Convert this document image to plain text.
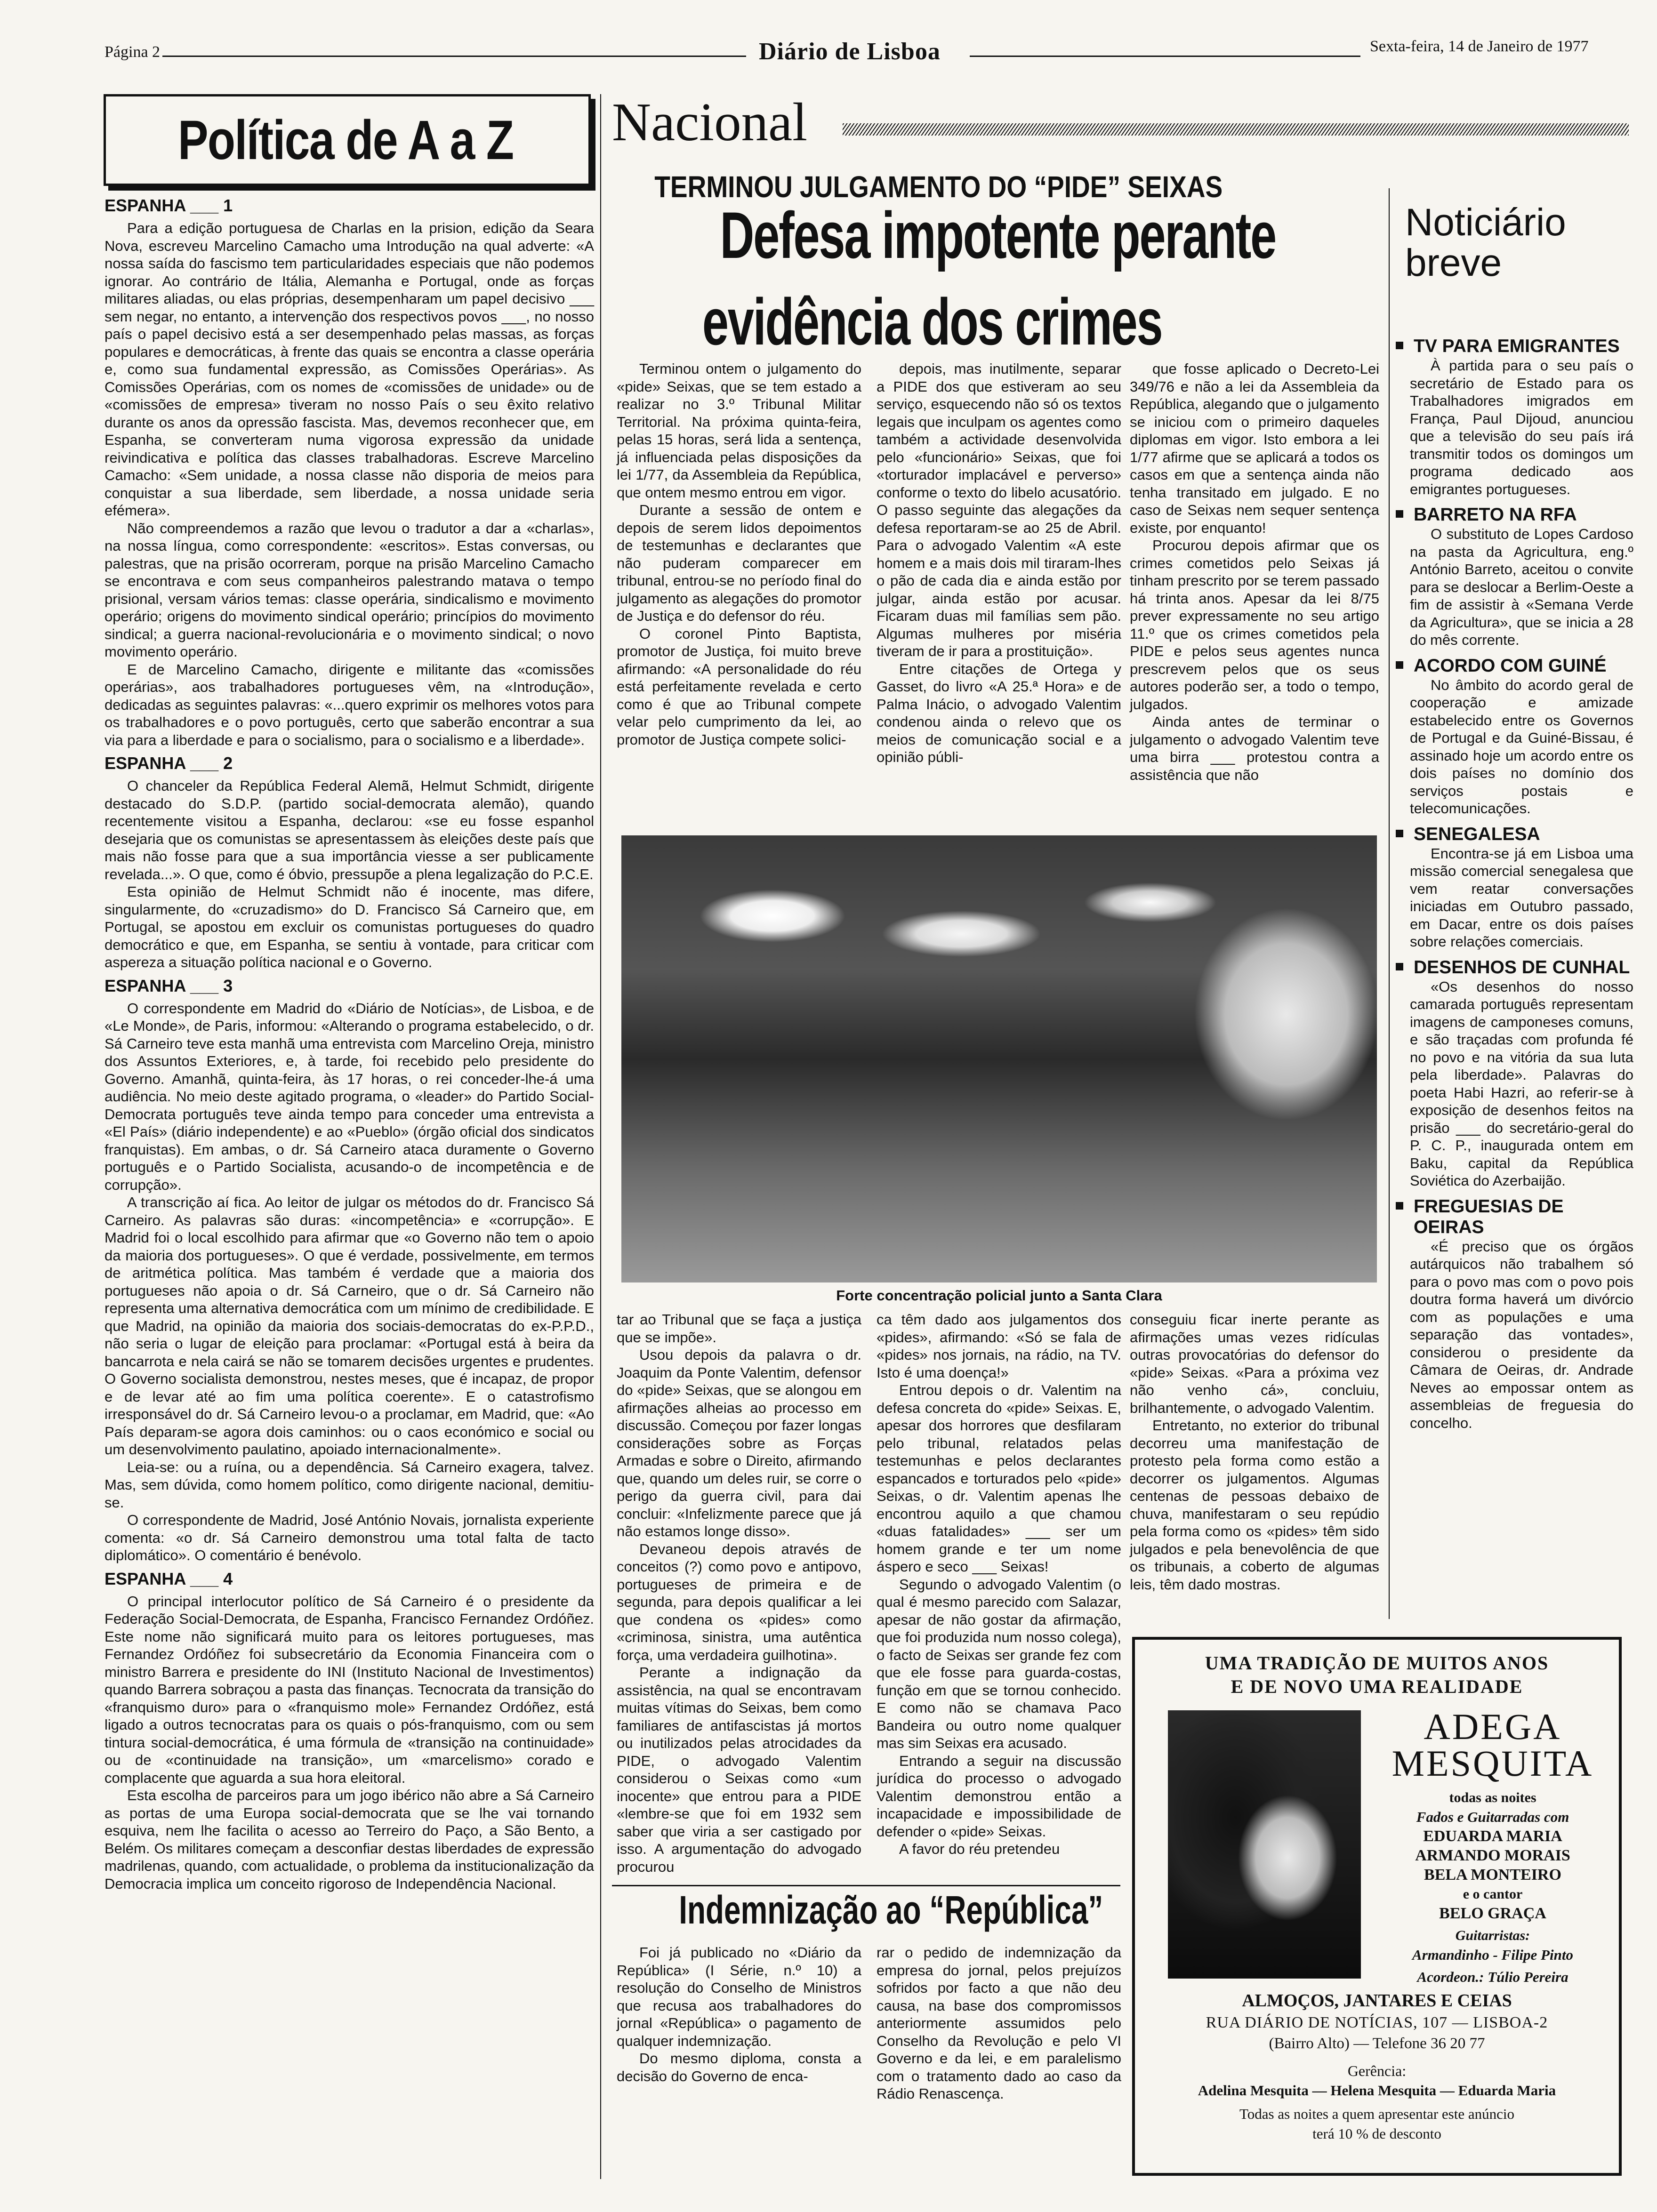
Página 2	Diário de Lisboa	Sexta-feira, 14 de Janeiro de 1977
Política de A a Z
ESPANHA ___ 1

Para a edição portuguesa de Charlas en la prision, edição da Seara Nova, escreveu Marcelino Camacho uma Introdução na qual adverte: «A nossa saída do fascismo tem particularidades especiais que não podemos ignorar. Ao contrário de Itália, Alemanha e Portugal, onde as forças militares aliadas, ou elas próprias, desempenharam um papel decisivo ___ sem negar, no entanto, a intervenção dos respectivos povos ___, no nosso país o papel decisivo está a ser desempenhado pelas massas, as forças populares e democráticas, à frente das quais se encontra a classe operária e, como sua fundamental expressão, as Comissões Operárias». As Comissões Operárias, com os nomes de «comissões de unidade» ou de «comissões de empresa» tiveram no nosso País o seu êxito relativo durante os anos da opressão fascista. Mas, devemos reconhecer que, em Espanha, se converteram numa vigorosa expressão da unidade reivindicativa e política das classes trabalhadoras. Escreve Marcelino Camacho: «Sem unidade, a nossa classe não disporia de meios para conquistar a sua liberdade, sem liberdade, a nossa unidade seria efémera».

Não compreendemos a razão que levou o tradutor a dar a «charlas», na nossa língua, como correspondente: «escritos». Estas conversas, ou palestras, que na prisão ocorreram, porque na prisão Marcelino Camacho se encontrava e com seus companheiros palestrando matava o tempo prisional, versam vários temas: classe operária, sindicalismo e movimento operário; origens do movimento sindical operário; princípios do movimento sindical; a guerra nacional-revolucionária e o movimento sindical; o novo movimento operário.

E de Marcelino Camacho, dirigente e militante das «comissões operárias», aos trabalhadores portugueses vêm, na «Introdução», dedicadas as seguintes palavras: «...quero exprimir os melhores votos para os trabalhadores e o povo português, certo que saberão encontrar a sua via para a liberdade e para o socialismo, para o socialismo e a liberdade».

ESPANHA ___ 2

O chanceler da República Federal Alemã, Helmut Schmidt, dirigente destacado do S.D.P. (partido social-democrata alemão), quando recentemente visitou a Espanha, declarou: «se eu fosse espanhol desejaria que os comunistas se apresentassem às eleições deste país que mais não fosse para que a sua importância viesse a ser publicamente revelada...». O que, como é óbvio, pressupõe a plena legalização do P.C.E.

Esta opinião de Helmut Schmidt não é inocente, mas difere, singularmente, do «cruzadismo» do D. Francisco Sá Carneiro que, em Portugal, se apostou em excluir os comunistas portugueses do quadro democrático e que, em Espanha, se sentiu à vontade, para criticar com aspereza a situação política nacional e o Governo.

ESPANHA ___ 3

O correspondente em Madrid do «Diário de Notícias», de Lisboa, e de «Le Monde», de Paris, informou: «Alterando o programa estabelecido, o dr. Sá Carneiro teve esta manhã uma entrevista com Marcelino Oreja, ministro dos Assuntos Exteriores, e, à tarde, foi recebido pelo presidente do Governo. Amanhã, quinta-feira, às 17 horas, o rei conceder-lhe-á uma audiência. No meio deste agitado programa, o «leader» do Partido Social-Democrata português teve ainda tempo para conceder uma entrevista a «El País» (diário independente) e ao «Pueblo» (órgão oficial dos sindicatos franquistas). Em ambas, o dr. Sá Carneiro ataca duramente o Governo português e o Partido Socialista, acusando-o de incompetência e de corrupção».

A transcrição aí fica. Ao leitor de julgar os métodos do dr. Francisco Sá Carneiro. As palavras são duras: «incompetência» e «corrupção». E Madrid foi o local escolhido para afirmar que «o Governo não tem o apoio da maioria dos portugueses». O que é verdade, possivelmente, em termos de aritmética política. Mas também é verdade que a maioria dos portugueses não apoia o dr. Sá Carneiro, que o dr. Sá Carneiro não representa uma alternativa democrática com um mínimo de credibilidade. E que Madrid, na opinião da maioria dos sociais-democratas do ex-P.P.D., não seria o lugar de eleição para proclamar: «Portugal está à beira da bancarrota e nela cairá se não se tomarem decisões urgentes e prudentes. O Governo socialista demonstrou, nestes meses, que é incapaz, de propor e de levar até ao fim uma política coerente». E o catastrofismo irresponsável do dr. Sá Carneiro levou-o a proclamar, em Madrid, que: «Ao País deparam-se agora dois caminhos: ou o caos económico e social ou um desenvolvimento paulatino, apoiado internacionalmente».

Leia-se: ou a ruína, ou a dependência. Sá Carneiro exagera, talvez. Mas, sem dúvida, como homem político, como dirigente nacional, demitiu-se.

O correspondente de Madrid, José António Novais, jornalista experiente comenta: «o dr. Sá Carneiro demonstrou uma total falta de tacto diplomático». O comentário é benévolo.

ESPANHA ___ 4

O principal interlocutor político de Sá Carneiro é o presidente da Federação Social-Democrata, de Espanha, Francisco Fernandez Ordóñez. Este nome não significará muito para os leitores portugueses, mas Fernandez Ordóñez foi subsecretário da Economia Financeira com o ministro Barrera e presidente do INI (Instituto Nacional de Investimentos) quando Barrera sobraçou a pasta das finanças. Tecnocrata da transição do «franquismo duro» para o «franquismo mole» Fernandez Ordóñez, está ligado a outros tecnocratas para os quais o pós-franquismo, com ou sem tintura social-democrática, é uma fórmula de «transição na continuidade» ou de «continuidade na transição», um «marcelismo» corado e complacente que aguarda a sua hora eleitoral.

Esta escolha de parceiros para um jogo ibérico não abre a Sá Carneiro as portas de uma Europa social-democrata que se lhe vai tornando esquiva, nem lhe facilita o acesso ao Terreiro do Paço, a São Bento, a Belém. Os militares começam a desconfiar destas liberdades de expressão madrilenas, quando, com actualidade, o problema da institucionalização da Democracia implica um conceito rigoroso de Independência Nacional.

Nacional
TERMINOU JULGAMENTO DO “PIDE” SEIXAS
Defesa impotente perante
evidência dos crimes

Terminou ontem o julgamento do «pide» Seixas, que se tem estado a realizar no 3.º Tribunal Militar Territorial. Na próxima quinta-feira, pelas 15 horas, será lida a sentença, já influenciada pelas disposições da lei 1/77, da Assembleia da República, que ontem mesmo entrou em vigor.

Durante a sessão de ontem e depois de serem lidos depoimentos de testemunhas e declarantes que não puderam comparecer em tribunal, entrou-se no período final do julgamento as alegações do promotor de Justiça e do defensor do réu.

O coronel Pinto Baptista, promotor de Justiça, foi muito breve afirmando: «A personalidade do réu está perfeitamente revelada e certo como é que ao Tribunal compete velar pelo cumprimento da lei, ao promotor de Justiça compete solici-

depois, mas inutilmente, separar a PIDE dos que estiveram ao seu serviço, esquecendo não só os textos legais que inculpam os agentes como também a actividade desenvolvida pelo «funcionário» Seixas, que foi «torturador implacável e perverso» conforme o texto do libelo acusatório. O passo seguinte das alegações da defesa reportaram-se ao 25 de Abril. Para o advogado Valentim «A este homem e a mais dois mil tiraram-lhes o pão de cada dia e ainda estão por julgar, ainda estão por acusar. Ficaram duas mil famílias sem pão. Algumas mulheres por miséria tiveram de ir para a prostituição».

Entre citações de Ortega y Gasset, do livro «A 25.ª Hora» e de Palma Inácio, o advogado Valentim condenou ainda o relevo que os meios de comunicação social e a opinião públi-

que fosse aplicado o Decreto-Lei 349/76 e não a lei da Assembleia da República, alegando que o julgamento se iniciou com o primeiro daqueles diplomas em vigor. Isto embora a lei 1/77 afirme que se aplicará a todos os casos em que a sentença ainda não tenha transitado em julgado. E no caso de Seixas nem sequer sentença existe, por enquanto!

Procurou depois afirmar que os crimes cometidos pelo Seixas já tinham prescrito por se terem passado há trinta anos. Apesar da lei 8/75 prever expressamente no seu artigo 11.º que os crimes cometidos pela PIDE e pelos seus agentes nunca prescrevem pelos que os seus autores poderão ser, a todo o tempo, julgados.

Ainda antes de terminar o julgamento o advogado Valentim teve uma birra ___ protestou contra a assistência que não

Forte concentração policial junto a Santa Clara

tar ao Tribunal que se faça a justiça que se impõe».

Usou depois da palavra o dr. Joaquim da Ponte Valentim, defensor do «pide» Seixas, que se alongou em afirmações alheias ao processo em discussão. Começou por fazer longas considerações sobre as Forças Armadas e sobre o Direito, afirmando que, quando um deles ruir, se corre o perigo da guerra civil, para dai concluir: «Infelizmente parece que já não estamos longe disso».

Devaneou depois através de conceitos (?) como povo e antipovo, portugueses de primeira e de segunda, para depois qualificar a lei que condena os «pides» como «criminosa, sinistra, uma autêntica força, uma verdadeira guilhotina».

Perante a indignação da assistência, na qual se encontravam muitas vítimas do Seixas, bem como familiares de antifascistas já mortos ou inutilizados pelas atrocidades da PIDE, o advogado Valentim considerou o Seixas como «um inocente» que entrou para a PIDE «lembre-se que foi em 1932 sem saber que viria a ser castigado por isso. A argumentação do advogado procurou

ca têm dado aos julgamentos dos «pides», afirmando: «Só se fala de «pides» nos jornais, na rádio, na TV. Isto é uma doença!»

Entrou depois o dr. Valentim na defesa concreta do «pide» Seixas. E, apesar dos horrores que desfilaram pelo tribunal, relatados pelas testemunhas e pelos declarantes espancados e torturados pelo «pide» Seixas, o dr. Valentim apenas lhe encontrou aquilo a que chamou «duas fatalidades» ___ ser um homem grande e ter um nome áspero e seco ___ Seixas!

Segundo o advogado Valentim (o qual é mesmo parecido com Salazar, apesar de não gostar da afirmação, que foi produzida num nosso colega), o facto de Seixas ser grande fez com que ele fosse para guarda-costas, função em que se tornou conhecido. E como não se chamava Paco Bandeira ou outro nome qualquer mas sim Seixas era acusado.

Entrando a seguir na discussão jurídica do processo o advogado Valentim demonstrou então a incapacidade e impossibilidade de defender o «pide» Seixas.

A favor do réu pretendeu

conseguiu ficar inerte perante as afirmações umas vezes ridículas outras provocatórias do defensor do «pide» Seixas. «Para a próxima vez não venho cá», concluiu, brilhantemente, o advogado Valentim.

Entretanto, no exterior do tribunal decorreu uma manifestação de protesto pela forma como estão a decorrer os julgamentos. Algumas centenas de pessoas debaixo de chuva, manifestaram o seu repúdio pela forma como os «pides» têm sido julgados e pela benevolência de que os tribunais, a coberto de algumas leis, têm dado mostras.

Indemnização ao “República”

Foi já publicado no «Diário da República» (I Série, n.º 10) a resolução do Conselho de Ministros que recusa aos trabalhadores do jornal «República» o pagamento de qualquer indemnização.

Do mesmo diploma, consta a decisão do Governo de enca-

rar o pedido de indemnização da empresa do jornal, pelos prejuízos sofridos por facto a que não deu causa, na base dos compromissos anteriormente assumidos pelo Conselho da Revolução e pelo VI Governo e da lei, e em paralelismo com o tratamento dado ao caso da Rádio Renascença.

Noticiário
breve
TV PARA EMIGRANTES
À partida para o seu país o secretário de Estado para os Trabalhadores imigrados em França, Paul Dijoud, anunciou que a televisão do seu país irá transmitir todos os domingos um programa dedicado aos emigrantes portugueses.
BARRETO NA RFA
O substituto de Lopes Cardoso na pasta da Agricultura, eng.º António Barreto, aceitou o convite para se deslocar a Berlim-Oeste a fim de assistir à «Semana Verde da Agricultura», que se inicia a 28 do mês corrente.
ACORDO COM GUINÉ
No âmbito do acordo geral de cooperação e amizade estabelecido entre os Governos de Portugal e da Guiné-Bissau, é assinado hoje um acordo entre os dois países no domínio dos serviços postais e telecomunicações.
SENEGALESA
Encontra-se já em Lisboa uma missão comercial senegalesa que vem reatar conversações iniciadas em Outubro passado, em Dacar, entre os dois países sobre relações comerciais.
DESENHOS DE CUNHAL
«Os desenhos do nosso camarada português representam imagens de camponeses comuns, e são traçadas com profunda fé no povo e na vitória da sua luta pela liberdade». Palavras do poeta Habi Hazri, ao referir-se à exposição de desenhos feitos na prisão ___ do secretário-geral do P. C. P., inaugurada ontem em Baku, capital da República Soviética do Azerbaijão.
FREGUESIAS DE OEIRAS
«É preciso que os órgãos autárquicos não trabalhem só para o povo mas com o povo pois doutra forma haverá um divórcio com as populações e uma separação das vontades», considerou o presidente da Câmara de Oeiras, dr. Andrade Neves ao empossar ontem as assembleias de freguesia do concelho.
UMA TRADIÇÃO DE MUITOS ANOS
E DE NOVO UMA REALIDADE
ADEGA
MESQUITA
todas as noites
Fados e Guitarradas com
EDUARDA MARIA
ARMANDO MORAIS
BELA MONTEIRO
e o cantor
BELO GRAÇA
Guitarristas:
Armandinho - Filipe Pinto
Acordeon.: Túlio Pereira
ALMOÇOS, JANTARES E CEIAS
RUA DIÁRIO DE NOTÍCIAS, 107 — LISBOA-2
(Bairro Alto) — Telefone 36 20 77
Gerência:
Adelina Mesquita — Helena Mesquita — Eduarda Maria
Todas as noites a quem apresentar este anúncio
terá 10 % de desconto
